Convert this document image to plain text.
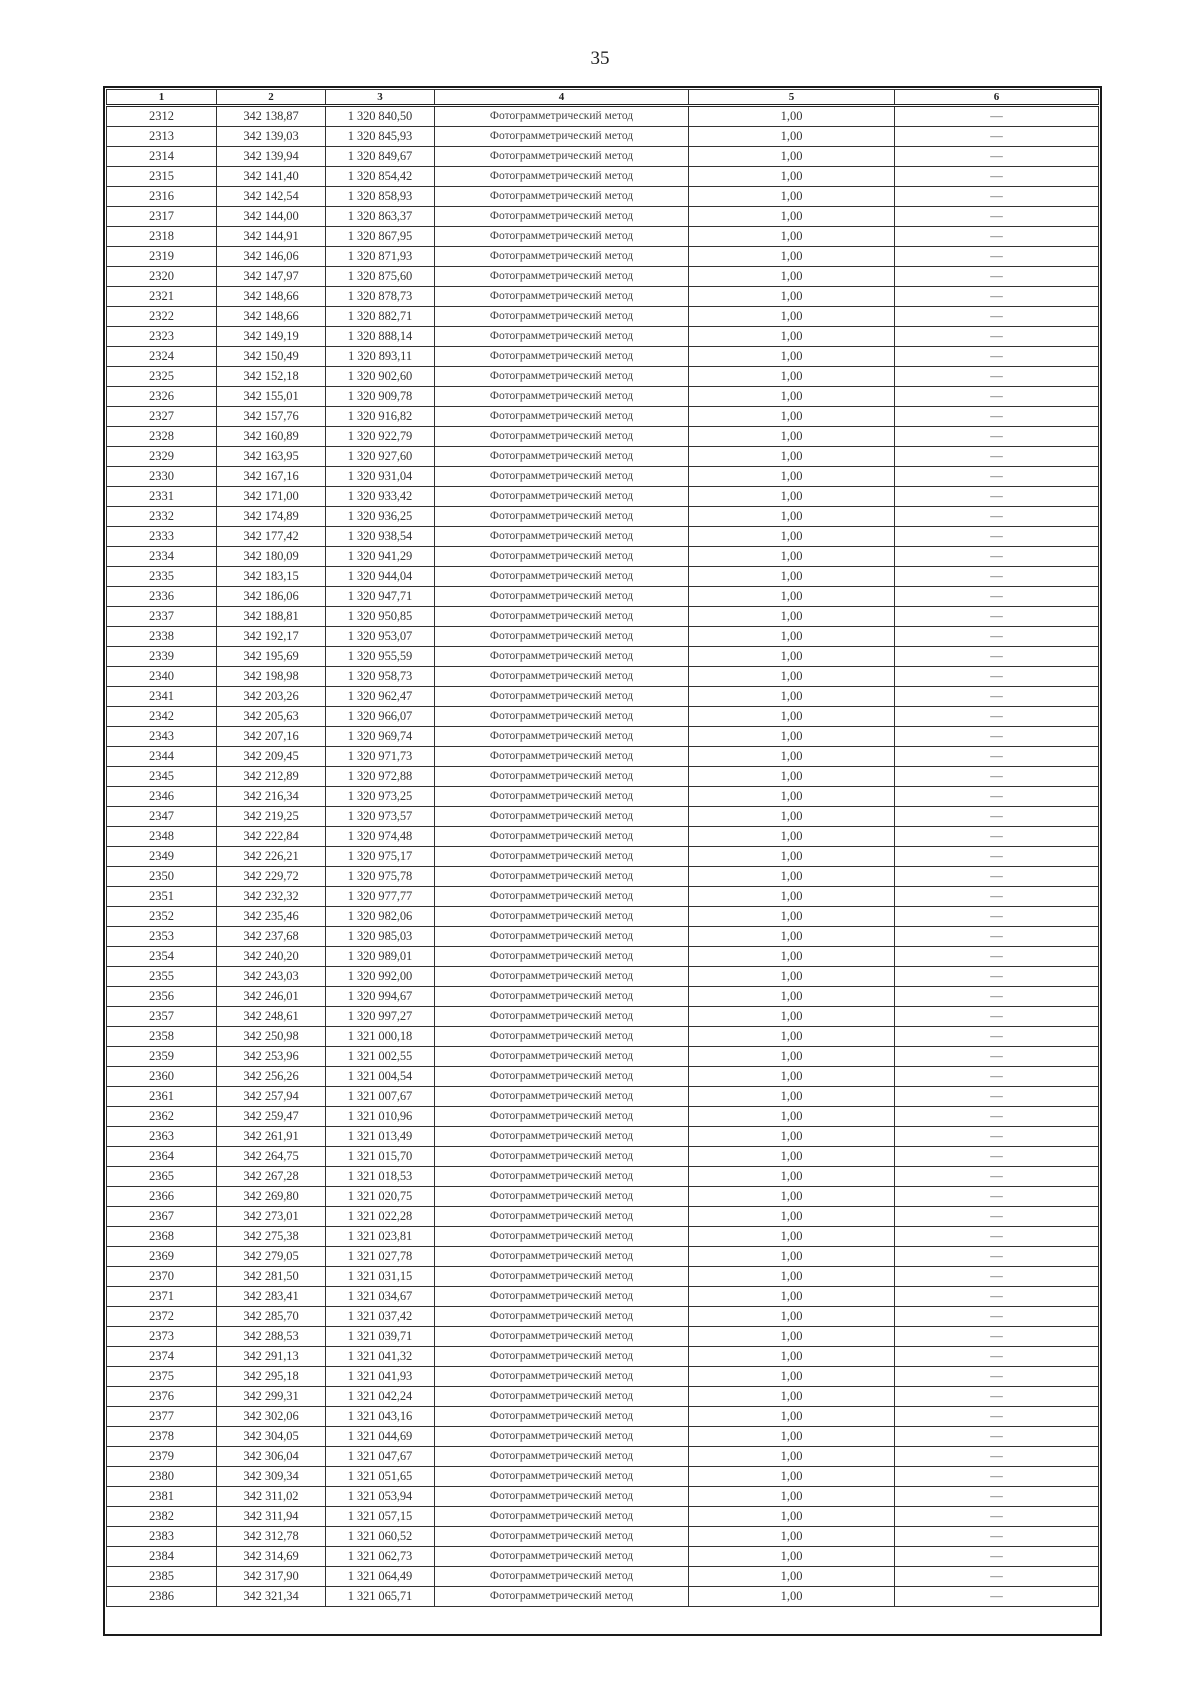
35
1	2	3	4	5	6
2312	342 138,87	1 320 840,50	Фотограмметрический метод	1,00	—
2313	342 139,03	1 320 845,93	Фотограмметрический метод	1,00	—
2314	342 139,94	1 320 849,67	Фотограмметрический метод	1,00	—
2315	342 141,40	1 320 854,42	Фотограмметрический метод	1,00	—
2316	342 142,54	1 320 858,93	Фотограмметрический метод	1,00	—
2317	342 144,00	1 320 863,37	Фотограмметрический метод	1,00	—
2318	342 144,91	1 320 867,95	Фотограмметрический метод	1,00	—
2319	342 146,06	1 320 871,93	Фотограмметрический метод	1,00	—
2320	342 147,97	1 320 875,60	Фотограмметрический метод	1,00	—
2321	342 148,66	1 320 878,73	Фотограмметрический метод	1,00	—
2322	342 148,66	1 320 882,71	Фотограмметрический метод	1,00	—
2323	342 149,19	1 320 888,14	Фотограмметрический метод	1,00	—
2324	342 150,49	1 320 893,11	Фотограмметрический метод	1,00	—
2325	342 152,18	1 320 902,60	Фотограмметрический метод	1,00	—
2326	342 155,01	1 320 909,78	Фотограмметрический метод	1,00	—
2327	342 157,76	1 320 916,82	Фотограмметрический метод	1,00	—
2328	342 160,89	1 320 922,79	Фотограмметрический метод	1,00	—
2329	342 163,95	1 320 927,60	Фотограмметрический метод	1,00	—
2330	342 167,16	1 320 931,04	Фотограмметрический метод	1,00	—
2331	342 171,00	1 320 933,42	Фотограмметрический метод	1,00	—
2332	342 174,89	1 320 936,25	Фотограмметрический метод	1,00	—
2333	342 177,42	1 320 938,54	Фотограмметрический метод	1,00	—
2334	342 180,09	1 320 941,29	Фотограмметрический метод	1,00	—
2335	342 183,15	1 320 944,04	Фотограмметрический метод	1,00	—
2336	342 186,06	1 320 947,71	Фотограмметрический метод	1,00	—
2337	342 188,81	1 320 950,85	Фотограмметрический метод	1,00	—
2338	342 192,17	1 320 953,07	Фотограмметрический метод	1,00	—
2339	342 195,69	1 320 955,59	Фотограмметрический метод	1,00	—
2340	342 198,98	1 320 958,73	Фотограмметрический метод	1,00	—
2341	342 203,26	1 320 962,47	Фотограмметрический метод	1,00	—
2342	342 205,63	1 320 966,07	Фотограмметрический метод	1,00	—
2343	342 207,16	1 320 969,74	Фотограмметрический метод	1,00	—
2344	342 209,45	1 320 971,73	Фотограмметрический метод	1,00	—
2345	342 212,89	1 320 972,88	Фотограмметрический метод	1,00	—
2346	342 216,34	1 320 973,25	Фотограмметрический метод	1,00	—
2347	342 219,25	1 320 973,57	Фотограмметрический метод	1,00	—
2348	342 222,84	1 320 974,48	Фотограмметрический метод	1,00	—
2349	342 226,21	1 320 975,17	Фотограмметрический метод	1,00	—
2350	342 229,72	1 320 975,78	Фотограмметрический метод	1,00	—
2351	342 232,32	1 320 977,77	Фотограмметрический метод	1,00	—
2352	342 235,46	1 320 982,06	Фотограмметрический метод	1,00	—
2353	342 237,68	1 320 985,03	Фотограмметрический метод	1,00	—
2354	342 240,20	1 320 989,01	Фотограмметрический метод	1,00	—
2355	342 243,03	1 320 992,00	Фотограмметрический метод	1,00	—
2356	342 246,01	1 320 994,67	Фотограмметрический метод	1,00	—
2357	342 248,61	1 320 997,27	Фотограмметрический метод	1,00	—
2358	342 250,98	1 321 000,18	Фотограмметрический метод	1,00	—
2359	342 253,96	1 321 002,55	Фотограмметрический метод	1,00	—
2360	342 256,26	1 321 004,54	Фотограмметрический метод	1,00	—
2361	342 257,94	1 321 007,67	Фотограмметрический метод	1,00	—
2362	342 259,47	1 321 010,96	Фотограмметрический метод	1,00	—
2363	342 261,91	1 321 013,49	Фотограмметрический метод	1,00	—
2364	342 264,75	1 321 015,70	Фотограмметрический метод	1,00	—
2365	342 267,28	1 321 018,53	Фотограмметрический метод	1,00	—
2366	342 269,80	1 321 020,75	Фотограмметрический метод	1,00	—
2367	342 273,01	1 321 022,28	Фотограмметрический метод	1,00	—
2368	342 275,38	1 321 023,81	Фотограмметрический метод	1,00	—
2369	342 279,05	1 321 027,78	Фотограмметрический метод	1,00	—
2370	342 281,50	1 321 031,15	Фотограмметрический метод	1,00	—
2371	342 283,41	1 321 034,67	Фотограмметрический метод	1,00	—
2372	342 285,70	1 321 037,42	Фотограмметрический метод	1,00	—
2373	342 288,53	1 321 039,71	Фотограмметрический метод	1,00	—
2374	342 291,13	1 321 041,32	Фотограмметрический метод	1,00	—
2375	342 295,18	1 321 041,93	Фотограмметрический метод	1,00	—
2376	342 299,31	1 321 042,24	Фотограмметрический метод	1,00	—
2377	342 302,06	1 321 043,16	Фотограмметрический метод	1,00	—
2378	342 304,05	1 321 044,69	Фотограмметрический метод	1,00	—
2379	342 306,04	1 321 047,67	Фотограмметрический метод	1,00	—
2380	342 309,34	1 321 051,65	Фотограмметрический метод	1,00	—
2381	342 311,02	1 321 053,94	Фотограмметрический метод	1,00	—
2382	342 311,94	1 321 057,15	Фотограмметрический метод	1,00	—
2383	342 312,78	1 321 060,52	Фотограмметрический метод	1,00	—
2384	342 314,69	1 321 062,73	Фотограмметрический метод	1,00	—
2385	342 317,90	1 321 064,49	Фотограмметрический метод	1,00	—
2386	342 321,34	1 321 065,71	Фотограмметрический метод	1,00	—
